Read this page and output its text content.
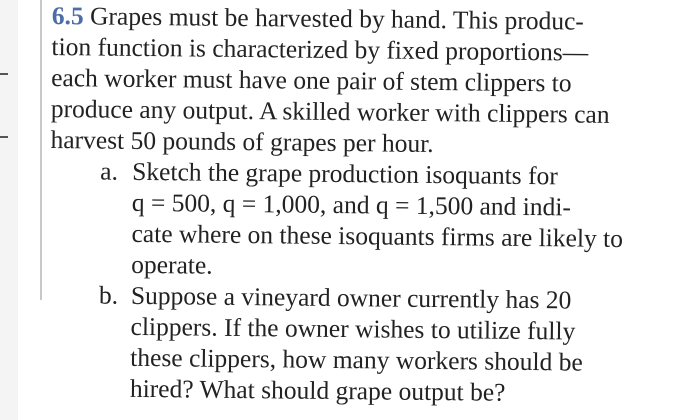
6.5 Grapes must be harvested by hand. This produc-
tion function is characterized by fixed proportions—
each worker must have one pair of stem clippers to
produce any output. A skilled worker with clippers can
harvest 50 pounds of grapes per hour.
a. Sketch the grape production isoquants for
q = 500, q = 1,000, and q = 1,500 and indi-
cate where on these isoquants firms are likely to
operate.
b. Suppose a vineyard owner currently has 20
clippers. If the owner wishes to utilize fully
these clippers, how many workers should be
hired? What should grape output be?
